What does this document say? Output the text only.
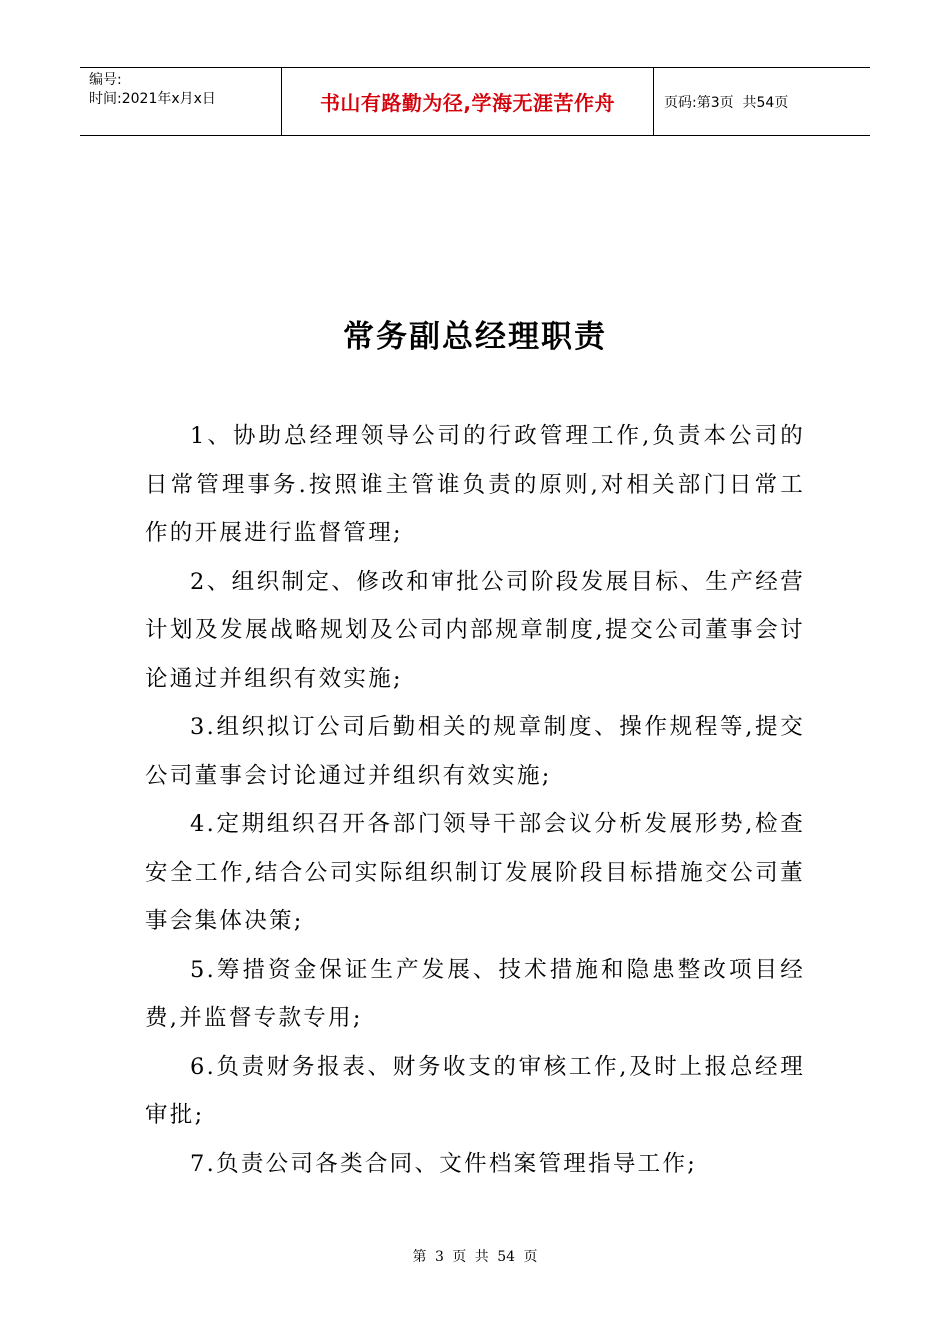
编号:
时间:2021年x月x日	书山有路勤为径,学海无涯苦作舟	页码:第3页  共54页
常务副总经理职责

1、协助总经理领导公司的行政管理工作,负责本公司的日常管理事务.按照谁主管谁负责的原则,对相关部门日常工作的开展进行监督管理;

2、组织制定、修改和审批公司阶段发展目标、生产经营计划及发展战略规划及公司内部规章制度,提交公司董事会讨论通过并组织有效实施;

3.组织拟订公司后勤相关的规章制度、操作规程等,提交公司董事会讨论通过并组织有效实施;

4.定期组织召开各部门领导干部会议分析发展形势,检查安全工作,结合公司实际组织制订发展阶段目标措施交公司董事会集体决策;

5.筹措资金保证生产发展、技术措施和隐患整改项目经费,并监督专款专用;

6.负责财务报表、财务收支的审核工作,及时上报总经理审批;

7.负责公司各类合同、文件档案管理指导工作;

第 3 页 共 54 页
